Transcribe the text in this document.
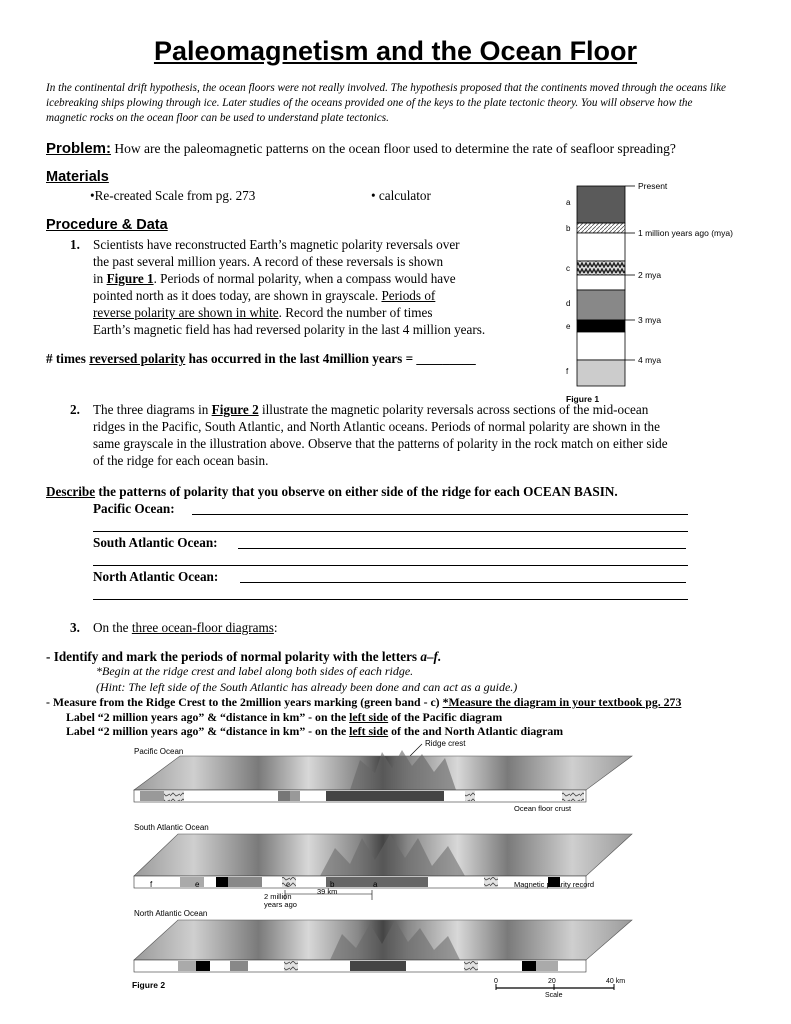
Paleomagnetism and the Ocean Floor
In the continental drift hypothesis, the ocean floors were not really involved. The hypothesis proposed that the continents moved through the oceans like icebreaking ships plowing through ice. Later studies of the oceans provided one of the keys to the plate tectonic theory. You will observe how the magnetic rocks on the ocean floor can be used to understand plate tectonics.
Problem: How are the paleomagnetic patterns on the ocean floor used to determine the rate of seafloor spreading?
Materials
•Re-created Scale from pg. 273	• calculator
Procedure & Data
1. Scientists have reconstructed Earth’s magnetic polarity reversals over
the past several million years. A record of these reversals is shown
in Figure 1. Periods of normal polarity, when a compass would have
pointed north as it does today, are shown in grayscale. Periods of
reverse polarity are shown in white. Record the number of times
Earth’s magnetic field has had reversed polarity in the last 4 million years.
# times reversed polarity has occurred in the last 4million years = _________
a
b
c
d
e
f
Present
1 million years ago (mya)
2 mya
3 mya
4 mya
Figure 1
2. The three diagrams in Figure 2 illustrate the magnetic polarity reversals across sections of the mid-ocean
ridges in the Pacific, South Atlantic, and North Atlantic oceans. Periods of normal polarity are shown in the
same grayscale in the illustration above. Observe that the patterns of polarity in the rock match on either side
of the ridge for each ocean basin.
Describe the patterns of polarity that you observe on either side of the ridge for each OCEAN BASIN.
Pacific Ocean:
South Atlantic Ocean:
North Atlantic Ocean:
3. On the three ocean-floor diagrams:
- Identify and mark the periods of normal polarity with the letters a–f.
*Begin at the ridge crest and label along both sides of each ridge.
(Hint: The left side of the South Atlantic has already been done and can act as a guide.)
- Measure from the Ridge Crest to the 2million years marking (green band - c) *Measure the diagram in your textbook pg. 273
Label “2 million years ago” & “distance in km” - on the left side of the Pacific diagram
Label “2 million years ago” & “distance in km” - on the left side of the and North Atlantic diagram
Pacific Ocean
Ridge crest
Ocean floor crust
South Atlantic Ocean
f	e	d	c	b	a
39 km
2 million
years ago
Magnetic polarity record
North Atlantic Ocean
Figure 2	0	20	40 km
Scale
